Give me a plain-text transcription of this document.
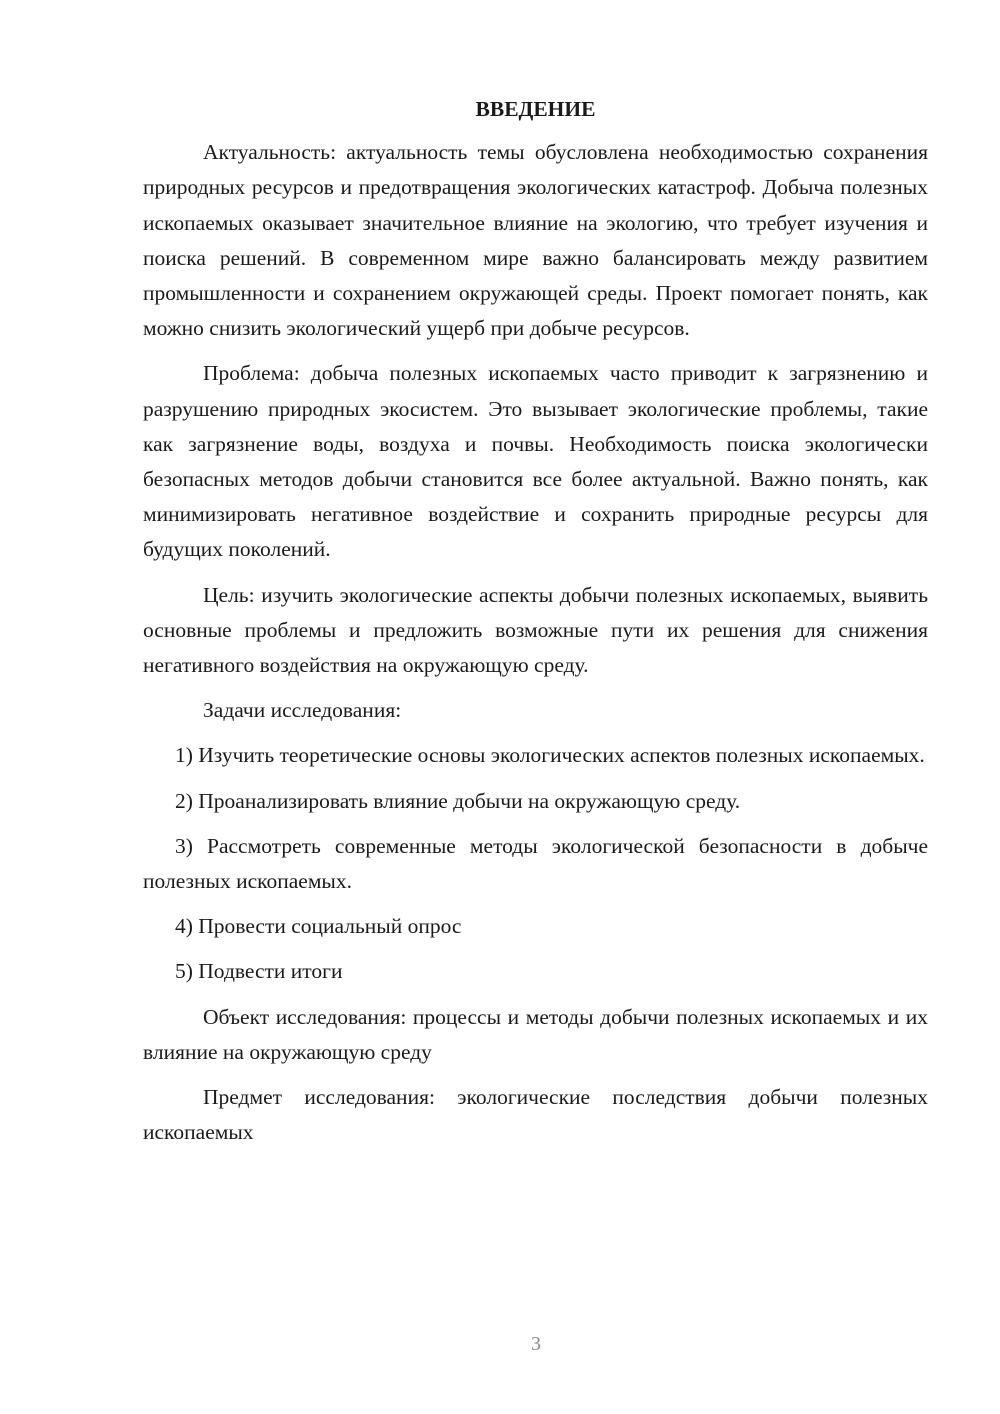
ВВЕДЕНИЕ

Актуальность: актуальность темы обусловлена необходимостью сохранения природных ресурсов и предотвращения экологических катастроф. Добыча полезных ископаемых оказывает значительное влияние на экологию, что требует изучения и поиска решений. В современном мире важно балансировать между развитием промышленности и сохранением окружающей среды. Проект помогает понять, как можно снизить экологический ущерб при добыче ресурсов.

Проблема: добыча полезных ископаемых часто приводит к загрязнению и разрушению природных экосистем. Это вызывает экологические проблемы, такие как загрязнение воды, воздуха и почвы. Необходимость поиска экологически безопасных методов добычи становится все более актуальной. Важно понять, как минимизировать негативное воздействие и сохранить природные ресурсы для будущих поколений.

Цель: изучить экологические аспекты добычи полезных ископаемых, выявить основные проблемы и предложить возможные пути их решения для снижения негативного воздействия на окружающую среду.

Задачи исследования:

1) Изучить теоретические основы экологических аспектов полезных ископаемых.

2) Проанализировать влияние добычи на окружающую среду.

3) Рассмотреть современные методы экологической безопасности в добыче полезных ископаемых.

4) Провести социальный опрос

5) Подвести итоги

Объект исследования: процессы и методы добычи полезных ископаемых и их влияние на окружающую среду

Предмет исследования: экологические последствия добычи полезных ископаемых

3
